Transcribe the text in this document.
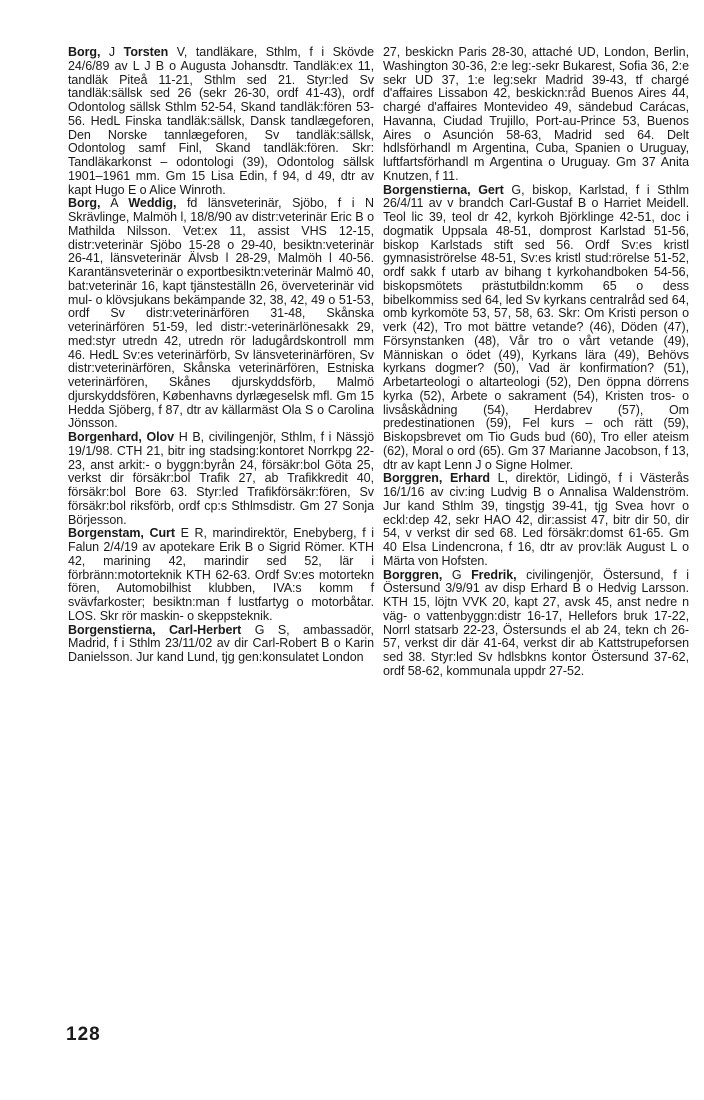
Borg, J Torsten V, tandläkare, Sthlm, f i Skövde 24/6/89 av L J B o Augusta Johansdtr. Tandläk:ex 11, tandläk Piteå 11-21, Sthlm sed 21. Styr:led Sv tandläk:sällsk sed 26 (sekr 26-30, ordf 41-43), ordf Odontolog sällsk Sthlm 52-54, Skand tandläk:fören 53-56. HedL Finska tandläk:sällsk, Dansk tandlægeforen, Den Norske tannlægeforen, Sv tandläk:sällsk, Odontolog samf Finl, Skand tandläk:fören. Skr: Tandläkarkonst – odontologi (39), Odontolog sällsk 1901–1961 mm. Gm 15 Lisa Edin, f 94, d 49, dtr av kapt Hugo E o Alice Winroth.

Borg, A Weddig, fd länsveterinär, Sjöbo, f i N Skrävlinge, Malmöh l, 18/8/90 av distr:veterinär Eric B o Mathilda Nilsson. Vet:ex 11, assist VHS 12-15, distr:veterinär Sjöbo 15-28 o 29-40, besiktn:veterinär 26-41, länsveterinär Älvsb l 28-29, Malmöh l 40-56. Karantänsveterinär o exportbesiktn:veterinär Malmö 40, bat:veterinär 16, kapt tjänsteställn 26, överveterinär vid mul- o klövsjukans bekämpande 32, 38, 42, 49 o 51-53, ordf Sv distr:veterinärfören 31-48, Skånska veterinärfören 51-59, led distr:-veterinärlönesakk 29, med:styr utredn 42, utredn rör ladugårdskontroll mm 46. HedL Sv:es veterinärförb, Sv länsveterinärfören, Sv distr:veterinärfören, Skånska veterinärfören, Estniska veterinärfören, Skånes djurskyddsförb, Malmö djurskyddsfören, Københavns dyrlægeselsk mfl. Gm 15 Hedda Sjöberg, f 87, dtr av källarmäst Ola S o Carolina Jönsson.

Borgenhard, Olov H B, civilingenjör, Sthlm, f i Nässjö 19/1/98. CTH 21, bitr ing stadsing:kontoret Norrkpg 22-23, anst arkit:- o byggn:byrån 24, försäkr:bol Göta 25, verkst dir försäkr:bol Trafik 27, ab Trafikkredit 40, försäkr:bol Bore 63. Styr:led Trafikförsäkr:fören, Sv försäkr:bol riksförb, ordf cp:s Sthlmsdistr. Gm 27 Sonja Börjesson.

Borgenstam, Curt E R, marindirektör, Enebyberg, f i Falun 2/4/19 av apotekare Erik B o Sigrid Römer. KTH 42, marining 42, marindir sed 52, lär i förbränn:motorteknik KTH 62-63. Ordf Sv:es motortekn fören, Automobilhist klubben, IVA:s komm f svävfarkoster; besiktn:man f lustfartyg o motorbåtar. LOS. Skr rör maskin- o skeppsteknik.

Borgenstierna, Carl-Herbert G S, ambassadör, Madrid, f i Sthlm 23/11/02 av dir Carl-Robert B o Karin Danielsson. Jur kand Lund, tjg gen:konsulatet London

27, beskickn Paris 28-30, attaché UD, London, Berlin, Washington 30-36, 2:e leg:-sekr Bukarest, Sofia 36, 2:e sekr UD 37, 1:e leg:sekr Madrid 39-43, tf chargé d'affaires Lissabon 42, beskickn:råd Buenos Aires 44, chargé d'affaires Montevideo 49, sändebud Carácas, Havanna, Ciudad Trujillo, Port-au-Prince 53, Buenos Aires o Asunción 58-63, Madrid sed 64. Delt hdlsförhandl m Argentina, Cuba, Spanien o Uruguay, luftfartsförhandl m Argentina o Uruguay. Gm 37 Anita Knutzen, f 11.

Borgenstierna, Gert G, biskop, Karlstad, f i Sthlm 26/4/11 av v brandch Carl-Gustaf B o Harriet Meidell. Teol lic 39, teol dr 42, kyrkoh Björklinge 42-51, doc i dogmatik Uppsala 48-51, domprost Karlstad 51-56, biskop Karlstads stift sed 56. Ordf Sv:es kristl gymnasiströrelse 48-51, Sv:es kristl stud:rörelse 51-52, ordf sakk f utarb av bihang t kyrkohandboken 54-56, biskopsmötets prästutbildn:komm 65 o dess bibelkommiss sed 64, led Sv kyrkans centralråd sed 64, omb kyrkomöte 53, 57, 58, 63. Skr: Om Kristi person o verk (42), Tro mot bättre vetande? (46), Döden (47), Försynstanken (48), Vår tro o vårt vetande (49), Människan o ödet (49), Kyrkans lära (49), Behövs kyrkans dogmer? (50), Vad är konfirmation? (51), Arbetarteologi o altarteologi (52), Den öppna dörrens kyrka (52), Arbete o sakrament (54), Kristen tros- o livsåskådning (54), Herdabrev (57), Om predestinationen (59), Fel kurs – och rätt (59), Biskopsbrevet om Tio Guds bud (60), Tro eller ateism (62), Moral o ord (65). Gm 37 Marianne Jacobson, f 13, dtr av kapt Lenn J o Signe Holmer.

Borggren, Erhard L, direktör, Lidingö, f i Västerås 16/1/16 av civ:ing Ludvig B o Annalisa Waldenström. Jur kand Sthlm 39, tingstjg 39-41, tjg Svea hovr o eckl:dep 42, sekr HAO 42, dir:assist 47, bitr dir 50, dir 54, v verkst dir sed 68. Led försäkr:domst 61-65. Gm 40 Elsa Lindencrona, f 16, dtr av prov:läk August L o Märta von Hofsten.

Borggren, G Fredrik, civilingenjör, Östersund, f i Östersund 3/9/91 av disp Erhard B o Hedvig Larsson. KTH 15, löjtn VVK 20, kapt 27, avsk 45, anst nedre n väg- o vattenbyggn:distr 16-17, Hellefors bruk 17-22, Norrl statsarb 22-23, Östersunds el ab 24, tekn ch 26-57, verkst dir där 41-64, verkst dir ab Kattstrupeforsen sed 38. Styr:led Sv hdlsbkns kontor Östersund 37-62, ordf 58-62, kommunala uppdr 27-52.

128
